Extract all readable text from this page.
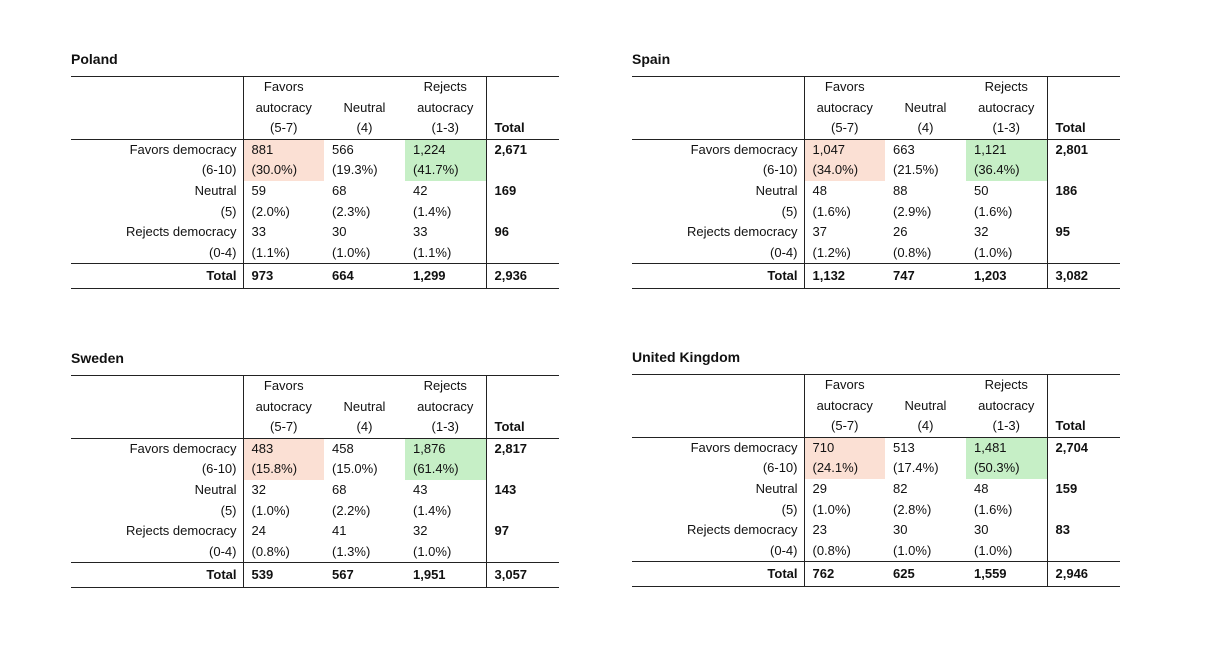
Poland
	Favors		Rejects	
	autocracy	Neutral	autocracy	
	(5-7)	(4)	(1-3)	Total
Favors democracy	881	566	1,224	2,671
(6-10)	(30.0%)	(19.3%)	(41.7%)	
Neutral	59	68	42	169
(5)	(2.0%)	(2.3%)	(1.4%)	
Rejects democracy	33	30	33	96
(0-4)	(1.1%)	(1.0%)	(1.1%)	
Total	973	664	1,299	2,936
Spain
	Favors		Rejects	
	autocracy	Neutral	autocracy	
	(5-7)	(4)	(1-3)	Total
Favors democracy	1,047	663	1,121	2,801
(6-10)	(34.0%)	(21.5%)	(36.4%)	
Neutral	48	88	50	186
(5)	(1.6%)	(2.9%)	(1.6%)	
Rejects democracy	37	26	32	95
(0-4)	(1.2%)	(0.8%)	(1.0%)	
Total	1,132	747	1,203	3,082
Sweden
	Favors		Rejects	
	autocracy	Neutral	autocracy	
	(5-7)	(4)	(1-3)	Total
Favors democracy	483	458	1,876	2,817
(6-10)	(15.8%)	(15.0%)	(61.4%)	
Neutral	32	68	43	143
(5)	(1.0%)	(2.2%)	(1.4%)	
Rejects democracy	24	41	32	97
(0-4)	(0.8%)	(1.3%)	(1.0%)	
Total	539	567	1,951	3,057
United Kingdom
	Favors		Rejects	
	autocracy	Neutral	autocracy	
	(5-7)	(4)	(1-3)	Total
Favors democracy	710	513	1,481	2,704
(6-10)	(24.1%)	(17.4%)	(50.3%)	
Neutral	29	82	48	159
(5)	(1.0%)	(2.8%)	(1.6%)	
Rejects democracy	23	30	30	83
(0-4)	(0.8%)	(1.0%)	(1.0%)	
Total	762	625	1,559	2,946
